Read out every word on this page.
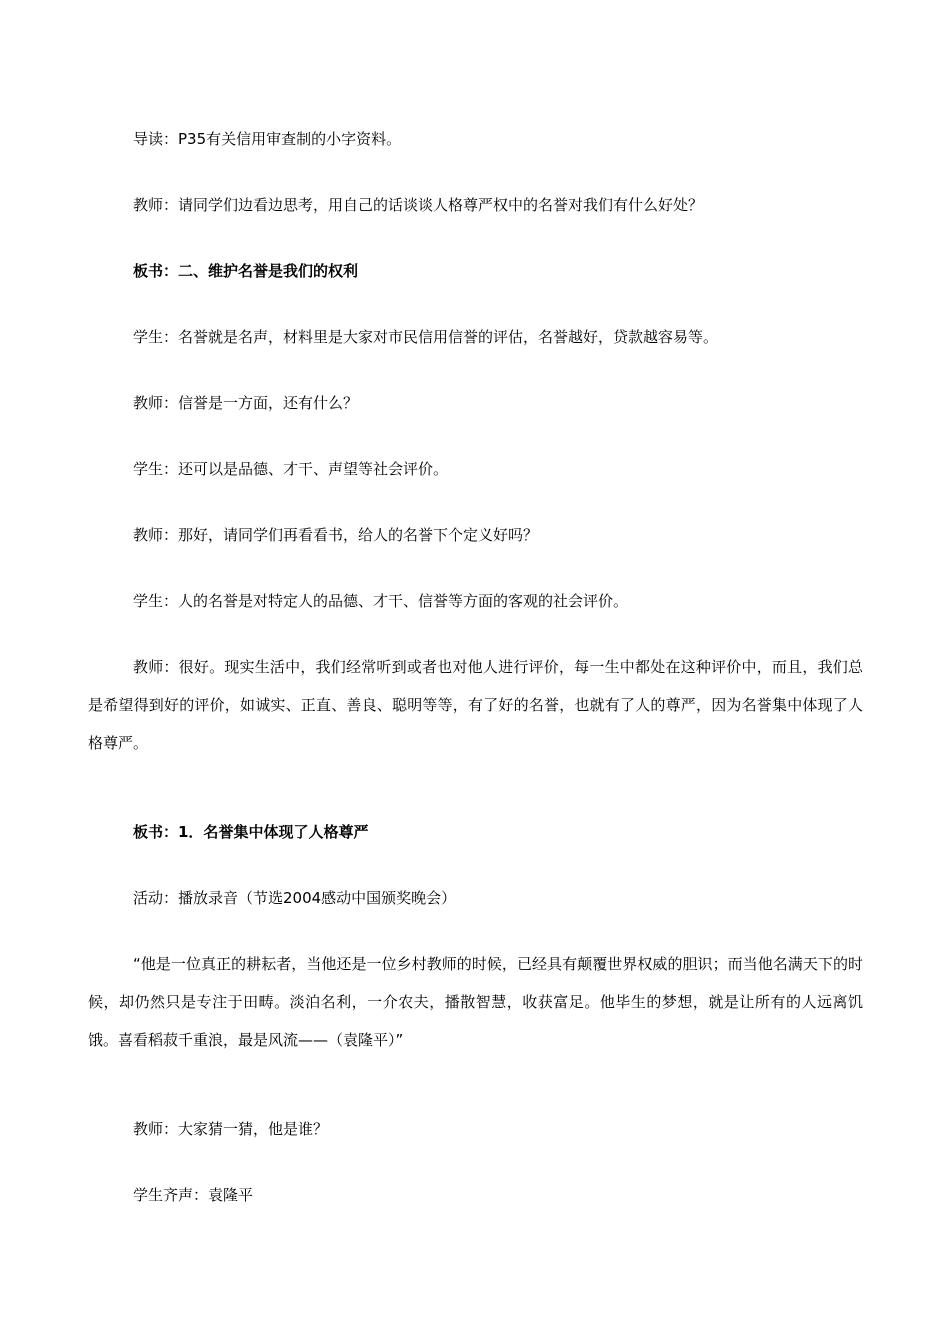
导读：P35有关信用审查制的小字资料。

教师：请同学们边看边思考，用自己的话谈谈人格尊严权中的名誉对我们有什么好处？

板书：二、维护名誉是我们的权利

学生：名誉就是名声，材料里是大家对市民信用信誉的评估，名誉越好，贷款越容易等。

教师：信誉是一方面，还有什么？

学生：还可以是品德、才干、声望等社会评价。

教师：那好，请同学们再看看书，给人的名誉下个定义好吗？

学生：人的名誉是对特定人的品德、才干、信誉等方面的客观的社会评价。

教师：很好。现实生活中，我们经常听到或者也对他人进行评价，每一生中都处在这种评价中，而且，我们总是希望得到好的评价，如诚实、正直、善良、聪明等等，有了好的名誉，也就有了人的尊严，因为名誉集中体现了人格尊严。

板书：1．名誉集中体现了人格尊严

活动：播放录音（节选2004感动中国颁奖晚会）

“他是一位真正的耕耘者，当他还是一位乡村教师的时候，已经具有颠覆世界权威的胆识；而当他名满天下的时候，却仍然只是专注于田畴。淡泊名利，一介农夫，播散智慧，收获富足。他毕生的梦想，就是让所有的人远离饥饿。喜看稻菽千重浪，最是风流——（袁隆平）”

教师：大家猜一猜，他是谁？

学生齐声：袁隆平
